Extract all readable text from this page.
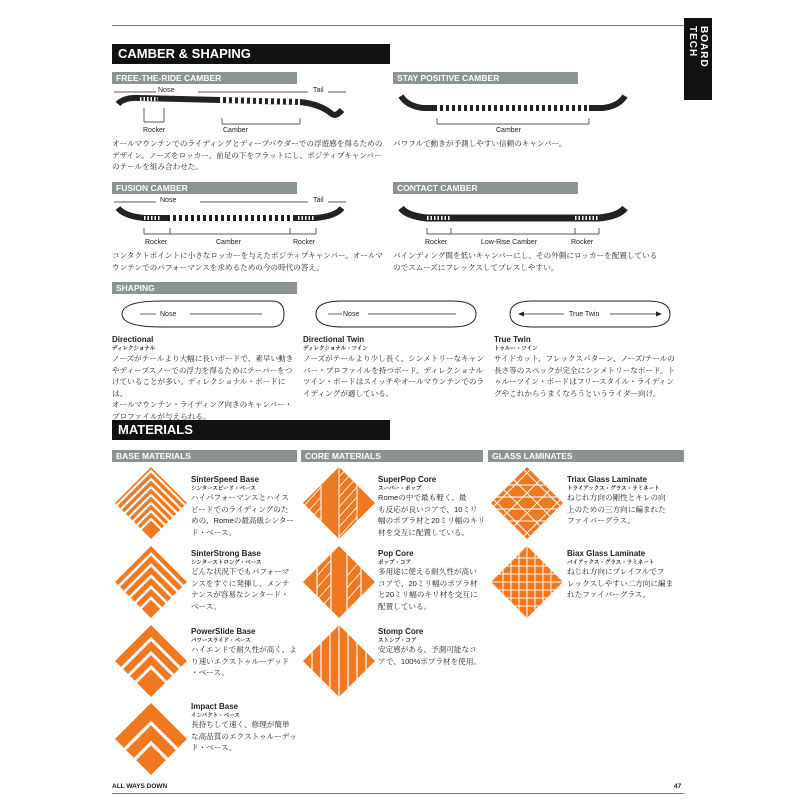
BOARD TECH
CAMBER & SHAPING
FREE-THE-RIDE CAMBER
Nose	Tail
Rocker	Camber
オールマウンテンでのライディングとディープパウダーでの浮遊感を得るための
デザイン。ノーズをロッカー、前足の下をフラットにし、ポジティブキャンバー
のテールを組み合わせた。
STAY POSITIVE CAMBER
Camber
パワフルで動きが予測しやすい信頼のキャンバー。
FUSION CAMBER
Nose	Tail
Rocker	Camber	Rocker
コンタクトポイントに小さなロッカーを与えたポジティブキャンバー。オールマ
ウンテンでのパフォーマンスを求めるための今の時代の答え。
CONTACT CAMBER
Rocker	Low-Rise Camber	Rocker
バインディング間を低いキャンバーにし、その外側にロッカーを配置している
のでスムーズにフレックスしてプレスしやすい。
SHAPING
Nose	Nose	True Twin
Directional
ディレクショナル
ノーズがテールより大幅に長いボードで、素早い動き
やディープスノーでの浮力を得るためにテーパーをつ
けていることが多い。ディレクショナル・ボードには、
オールマウンテン・ライディング向きのキャンバー・
プロファイルが与えられる。
Directional Twin
ディレクショナル・ツイン
ノーズがテールより少し長く、シンメトリーなキャン
バー・プロファイルを持つボード。ディレクショナル
ツイン・ボードはスイッチやオールマウンテンでのラ
イディングが適している。
True Twin
トゥルー・ツイン
サイドカット、フレックスパターン、ノーズ/テールの
長さ等のスペックが完全にシンメトリーなボード。ト
ゥルーツイン・ボードはフリースタイル・ライディン
グやこれからうまくなろうというライダー向け。
MATERIALS
BASE MATERIALS	CORE MATERIALS	GLASS LAMINATES
SinterSpeed Base
シンタースピード・ベース
ハイパフォーマンスとハイス
ピードでのライディングのた
めの、Romeの最高級シンター
ド・ベース。
SinterStrong Base
シンターストロング・ベース
どんな状況下でもパフォーマ
ンスをすぐに発揮し、メンテ
ナンスが容易なシンタード・
ベース。
PowerSlide Base
パワースライド・ベース
ハイエンドで耐久性が高く、よ
り速いエクストゥルーデッド
・ベース。
Impact Base
インパクト・ベース
長持ちして速く、修理が簡単
な高品質のエクストゥルーデッ
ド・ベース。
SuperPop Core
スーパー・ポップ
Romeの中で最も軽く、最
も反応が良いコアで、10ミリ
幅のポプラ材と20ミリ幅のキリ
材を交互に配置している。
Pop Core
ポップ・コア
多用途に使える耐久性が高い
コアで、20ミリ幅のポプラ材
と20ミリ幅のキリ材を交互に
配置している。
Stomp Core
ストンプ・コア
安定感がある、予測可能なコ
アで、100%ポプラ材を使用。
Triax Glass Laminate
トライアックス・グラス・ラミネート
ねじれ方向の剛性とキレの向
上のための三方向に編まれた
ファイバーグラス。
Biax Glass Laminate
バイアックス・グラス・ラミネート
ねじれ方向にプレイフルでフ
レックスしやすい二方向に編ま
れたファイバーグラス。
ALL WAYS DOWN	47
